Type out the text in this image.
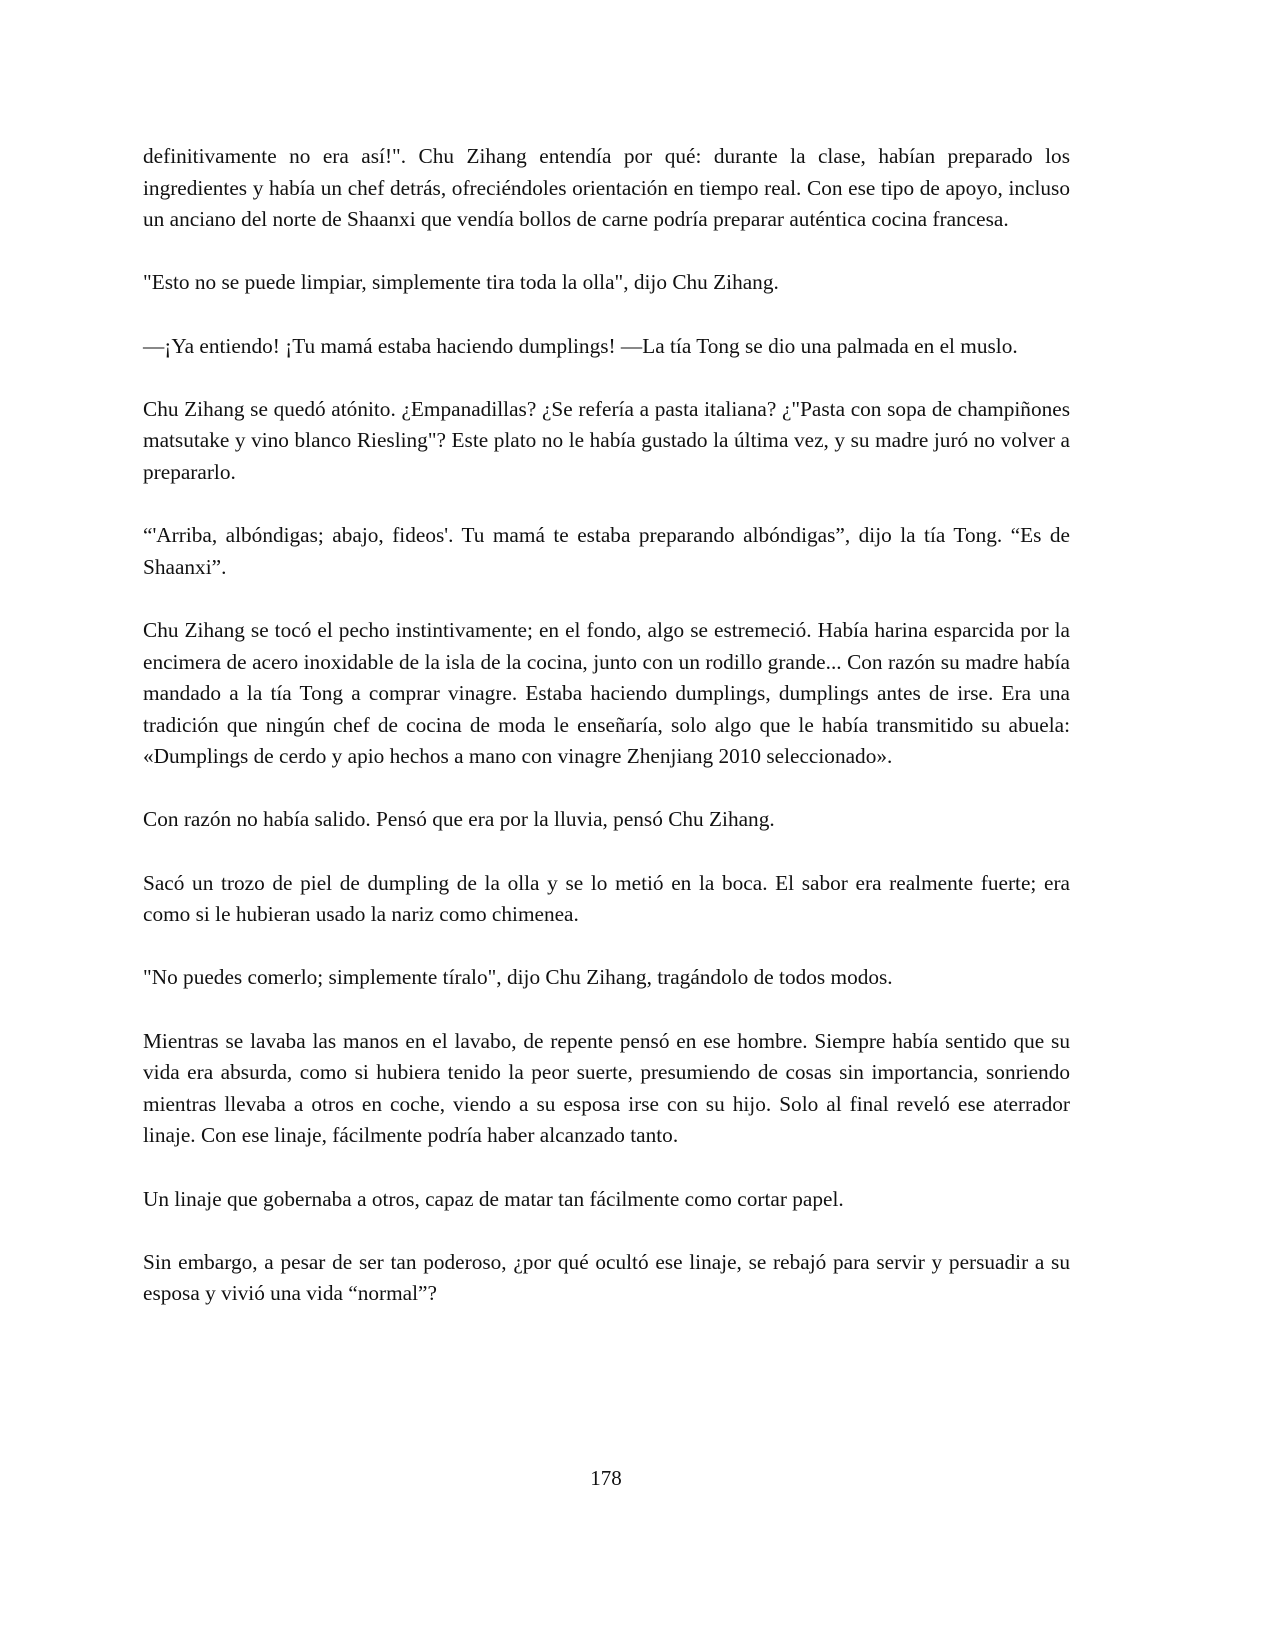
definitivamente no era así!". Chu Zihang entendía por qué: durante la clase, habían preparado los ingredientes y había un chef detrás, ofreciéndoles orientación en tiempo real. Con ese tipo de apoyo, incluso un anciano del norte de Shaanxi que vendía bollos de carne podría preparar auténtica cocina francesa.

"Esto no se puede limpiar, simplemente tira toda la olla", dijo Chu Zihang.

—¡Ya entiendo! ¡Tu mamá estaba haciendo dumplings! —La tía Tong se dio una palmada en el muslo.

Chu Zihang se quedó atónito. ¿Empanadillas? ¿Se refería a pasta italiana? ¿"Pasta con sopa de champiñones matsutake y vino blanco Riesling"? Este plato no le había gustado la última vez, y su madre juró no volver a prepararlo.

“'Arriba, albóndigas; abajo, fideos'. Tu mamá te estaba preparando albóndigas”, dijo la tía Tong. “Es de Shaanxi”.

Chu Zihang se tocó el pecho instintivamente; en el fondo, algo se estremeció. Había harina esparcida por la encimera de acero inoxidable de la isla de la cocina, junto con un rodillo grande... Con razón su madre había mandado a la tía Tong a comprar vinagre. Estaba haciendo dumplings, dumplings antes de irse. Era una tradición que ningún chef de cocina de moda le enseñaría, solo algo que le había transmitido su abuela: «Dumplings de cerdo y apio hechos a mano con vinagre Zhenjiang 2010 seleccionado».

Con razón no había salido. Pensó que era por la lluvia, pensó Chu Zihang.

Sacó un trozo de piel de dumpling de la olla y se lo metió en la boca. El sabor era realmente fuerte; era como si le hubieran usado la nariz como chimenea.

"No puedes comerlo; simplemente tíralo", dijo Chu Zihang, tragándolo de todos modos.

Mientras se lavaba las manos en el lavabo, de repente pensó en ese hombre. Siempre había sentido que su vida era absurda, como si hubiera tenido la peor suerte, presumiendo de cosas sin importancia, sonriendo mientras llevaba a otros en coche, viendo a su esposa irse con su hijo. Solo al final reveló ese aterrador linaje. Con ese linaje, fácilmente podría haber alcanzado tanto.

Un linaje que gobernaba a otros, capaz de matar tan fácilmente como cortar papel.

Sin embargo, a pesar de ser tan poderoso, ¿por qué ocultó ese linaje, se rebajó para servir y persuadir a su esposa y vivió una vida “normal”?

178
